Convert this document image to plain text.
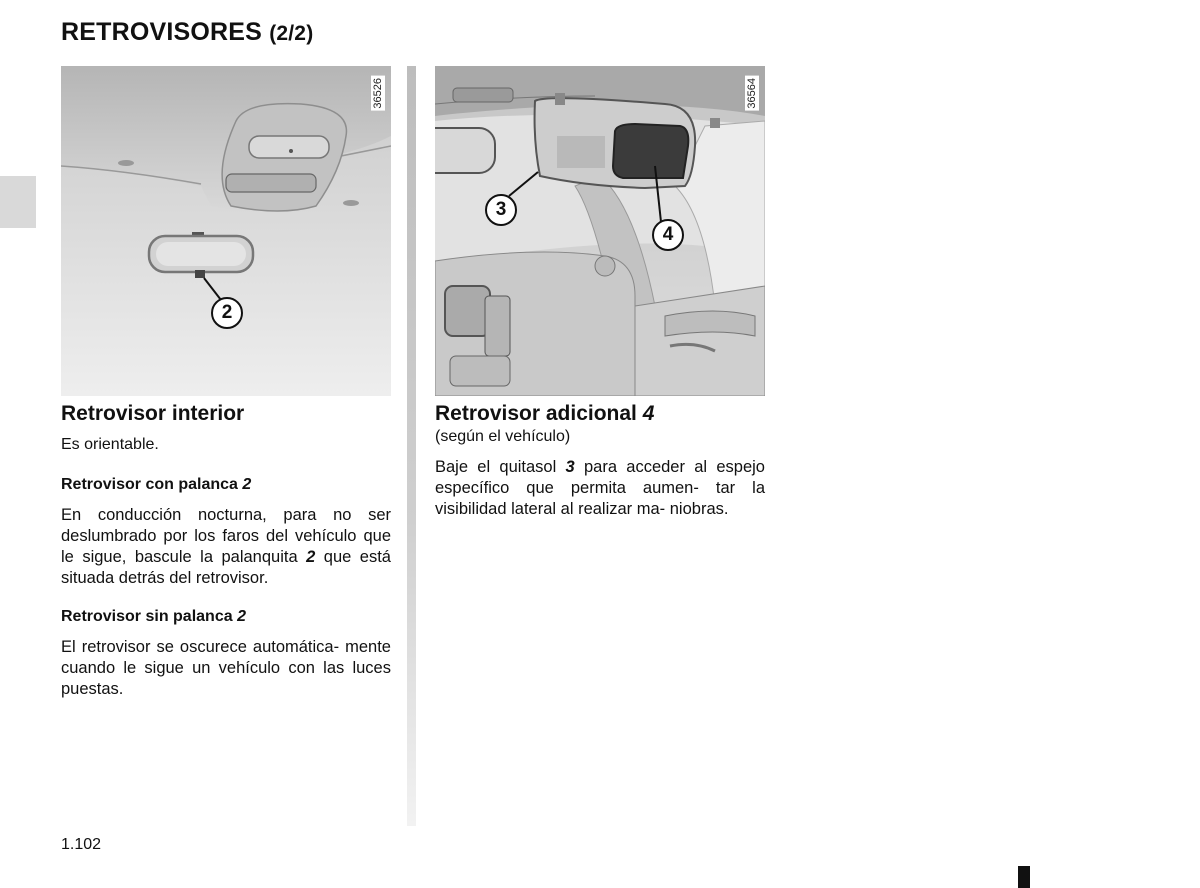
RETROVISORES (2/2)
2
36526
3
4
36564
Retrovisor interior

Es orientable.

Retrovisor con palanca 2

En conducción nocturna, para no ser deslumbrado por los faros del vehículo que le sigue, bascule la palanquita 2 que está situada detrás del retrovisor.

Retrovisor sin palanca 2

El retrovisor se oscurece automática- mente cuando le sigue un vehículo con las luces puestas.

Retrovisor adicional 4

(según el vehículo)

Baje el quitasol 3 para acceder al espejo específico que permita aumen- tar la visibilidad lateral al realizar ma- niobras.

1.102
